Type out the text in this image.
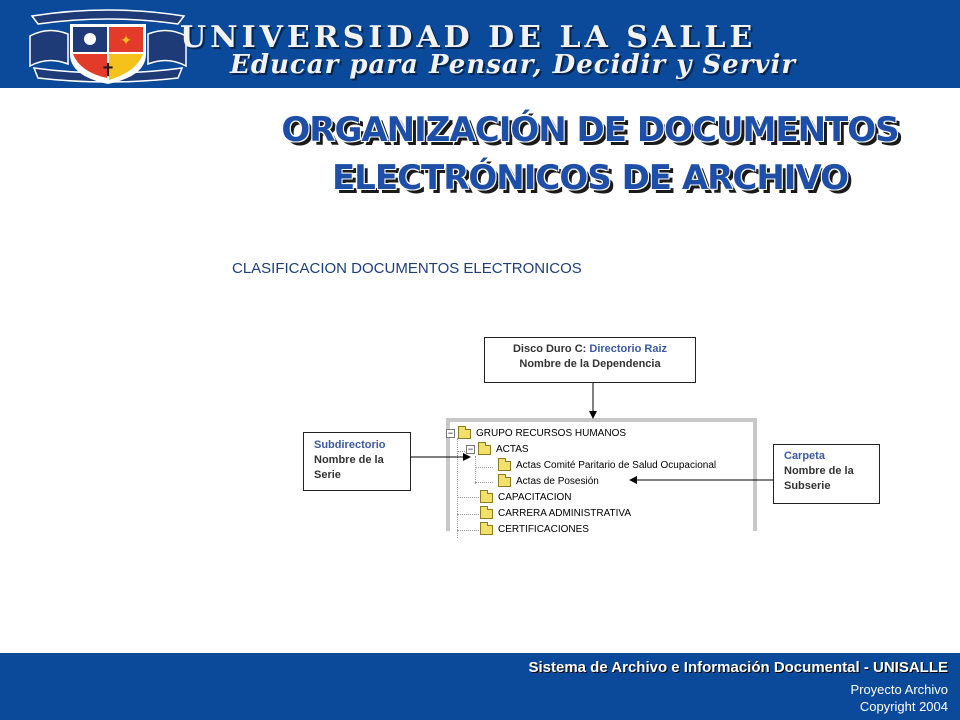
✦
✝
UNIVERSIDAD DE LA SALLE
Educar para Pensar, Decidir y Servir
ORGANIZACIÓN DE DOCUMENTOS
ELECTRÓNICOS DE ARCHIVO
CLASIFICACION DOCUMENTOS ELECTRONICOS
− GRUPO RECURSOS HUMANOS
− ACTAS
Actas Comité Paritario de Salud Ocupacional
Actas de Posesión
CAPACITACION
CARRERA ADMINISTRATIVA
CERTIFICACIONES
Disco Duro C: Directorio Raiz
Nombre de la Dependencia
Subdirectorio
Nombre de la
Serie
Carpeta
Nombre de la
Subserie
Sistema de Archivo e Información Documental - UNISALLE
Proyecto Archivo
Copyright 2004
